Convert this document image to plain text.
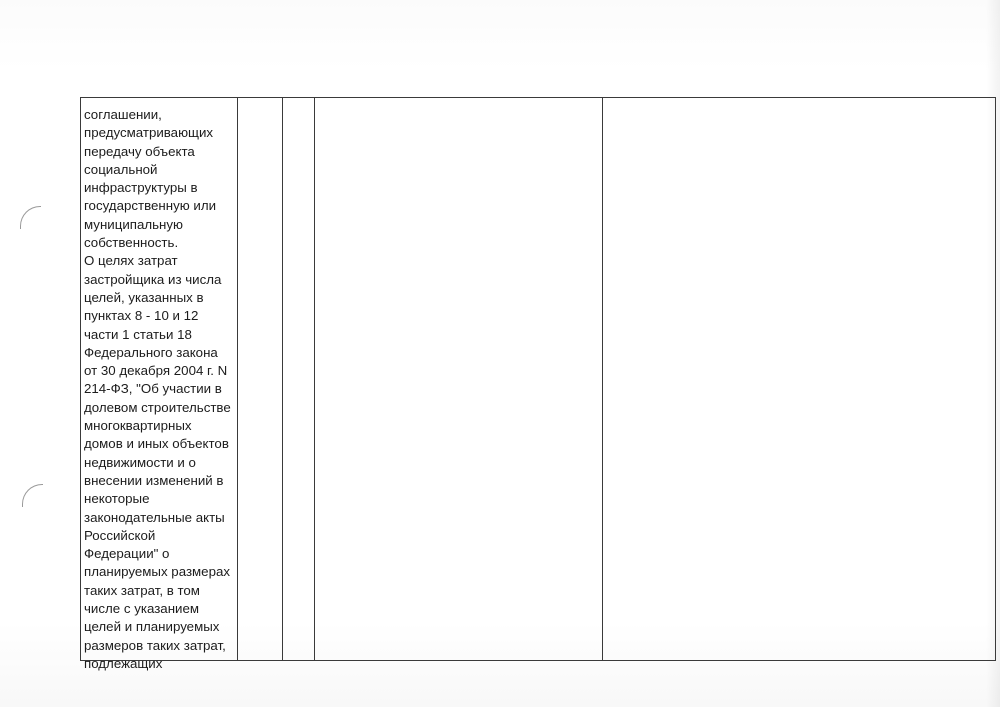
соглашении,
предусматривающих
передачу объекта
социальной
инфраструктуры в
государственную или
муниципальную
собственность.
О целях затрат
застройщика из числа
целей, указанных в
пунктах 8 - 10 и 12
части 1 статьи 18
Федерального закона
от 30 декабря 2004 г. N
214-ФЗ, "Об участии в
долевом строительстве
многоквартирных
домов и иных объектов
недвижимости и о
внесении изменений в
некоторые
законодательные акты
Российской
Федерации" о
планируемых размерах
таких затрат, в том
числе с указанием
целей и планируемых
размеров таких затрат,
подлежащих
